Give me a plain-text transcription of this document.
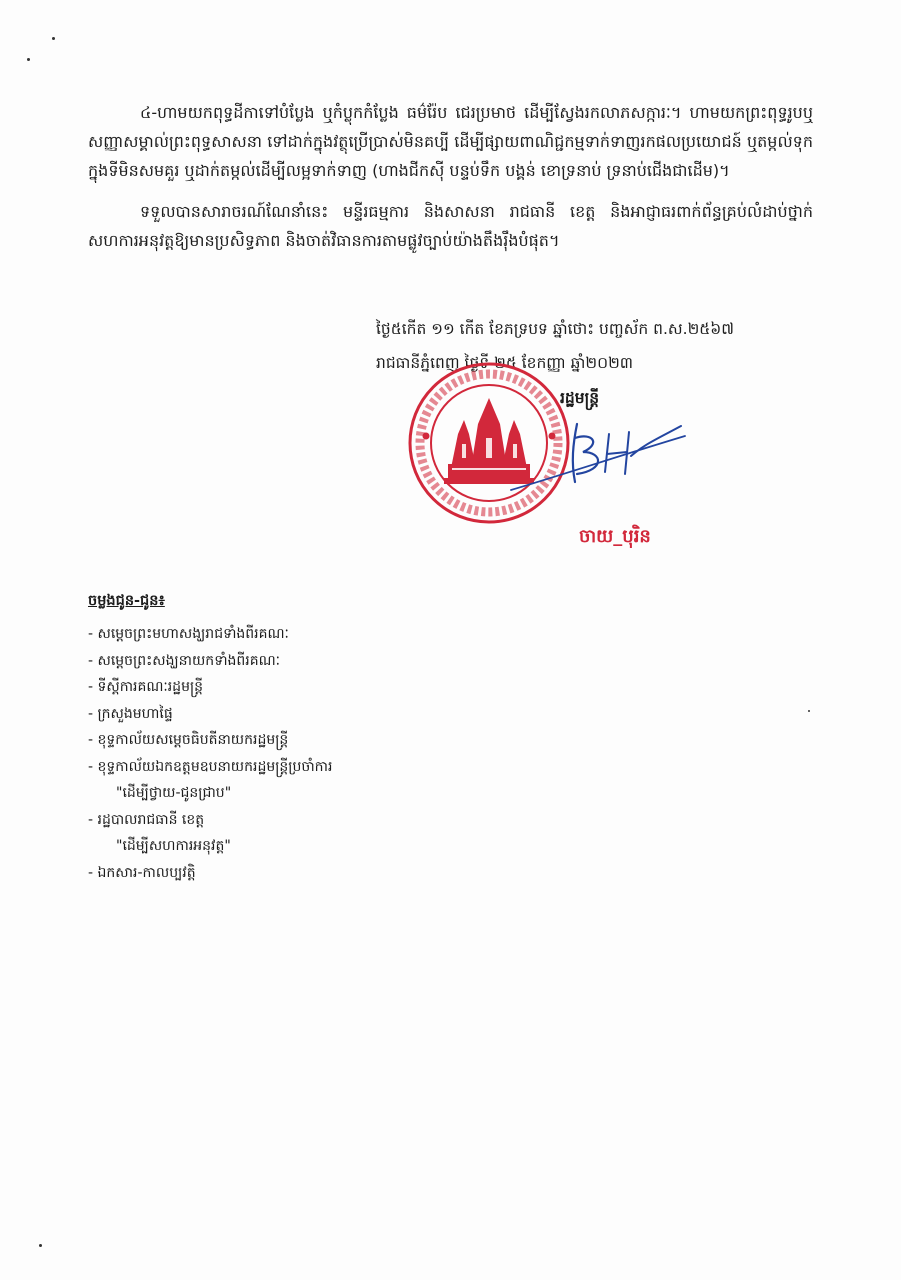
៤-ហាមយកពុទ្ធដីកាទៅបំប្លែង ឬកំប្លុកកំប្លែង ធម៌រ៉ែប ជេរប្រមាថ ដើម្បីស្វែងរកលាភសក្ការៈ។ ហាមយកព្រះពុទ្ធរូបឬសញ្ញាសម្គាល់ព្រះពុទ្ធសាសនា ទៅដាក់ក្នុងវត្ថុប្រើប្រាស់មិនគប្បី ដើម្បីផ្សាយពាណិជ្ជកម្មទាក់ទាញរកផលប្រយោជន៍ ឬតម្កល់ទុកក្នុងទីមិនសមគួរ ឬដាក់តម្កល់ដើម្បីលម្អទាក់ទាញ (ហាងជីកស៊ី បន្ទប់ទឹក បង្គន់ ខោទ្រនាប់ ទ្រនាប់ជើងជាដើម)។

ទទួលបានសារាចរណ៍ណែនាំនេះ មន្ទីរធម្មការ និងសាសនា រាជធានី ខេត្ត និងអាជ្ញាធរពាក់ព័ន្ធគ្រប់លំដាប់ថ្នាក់ សហការអនុវត្តឱ្យមានប្រសិទ្ធភាព និងចាត់វិធានការតាមផ្លូវច្បាប់យ៉ាងតឹងរ៉ឹងបំផុត។

ថ្ងៃ៥កើត ១១ កើត ខែភទ្របទ ឆ្នាំថោះ បញ្ចស័ក ព.ស.២៥៦៧
រាជធានីភ្នំពេញ ថ្ងៃទី ២៥ ខែកញ្ញា ឆ្នាំ២០២៣
រដ្ឋមន្ត្រី
ចាយ_បុរិន
ចម្លងជូន-ជូន៖
- សម្តេចព្រះមហាសង្ឃរាជទាំងពីរគណៈ
- សម្តេចព្រះសង្ឃនាយកទាំងពីរគណៈ
- ទីស្តីការគណៈរដ្ឋមន្ត្រី
- ក្រសួងមហាផ្ទៃ
- ខុទ្ទកាល័យសម្តេចធិបតីនាយករដ្ឋមន្ត្រី
- ខុទ្ទកាល័យឯកឧត្តមឧបនាយករដ្ឋមន្ត្រីប្រចាំការ
"ដើម្បីថ្វាយ-ជូនជ្រាប"
- រដ្ឋបាលរាជធានី ខេត្ត
"ដើម្បីសហការអនុវត្ត"
- ឯកសារ-កាលប្បវត្តិ
